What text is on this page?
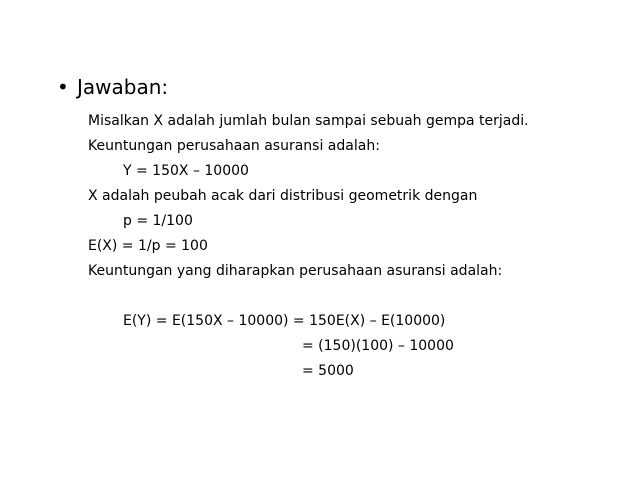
• Jawaban:
Misalkan X adalah jumlah bulan sampai sebuah gempa terjadi.
Keuntungan perusahaan asuransi adalah:
Y = 150X – 10000
X adalah peubah acak dari distribusi geometrik dengan
p = 1/100
E(X) = 1/p = 100
Keuntungan yang diharapkan perusahaan asuransi adalah:
E(Y) = E(150X – 10000) = 150E(X) – E(10000)
= (150)(100) – 10000
= 5000
